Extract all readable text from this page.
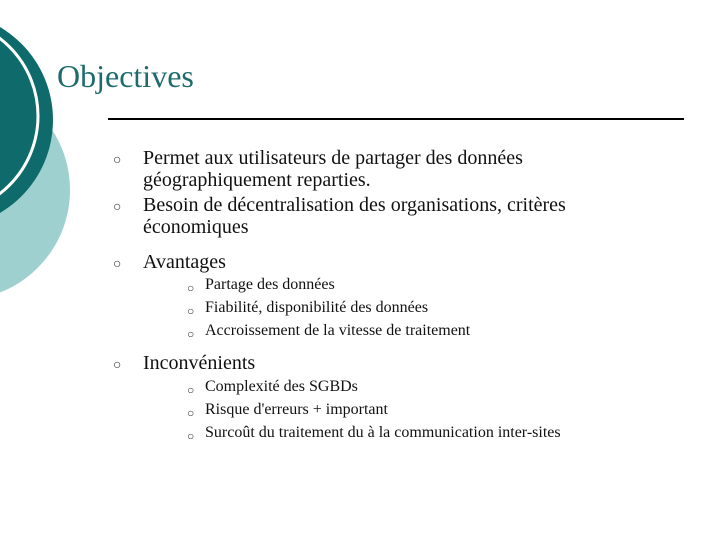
Objectives
○ Permet aux utilisateurs de partager des données géographiquement reparties.
○ Besoin de décentralisation des organisations, critères économiques
○ Avantages
○ Partage des données
○ Fiabilité, disponibilité des données
○ Accroissement de la vitesse de traitement
○ Inconvénients
○ Complexité des SGBDs
○ Risque d'erreurs + important
○ Surcoût du traitement du à la communication inter-sites
